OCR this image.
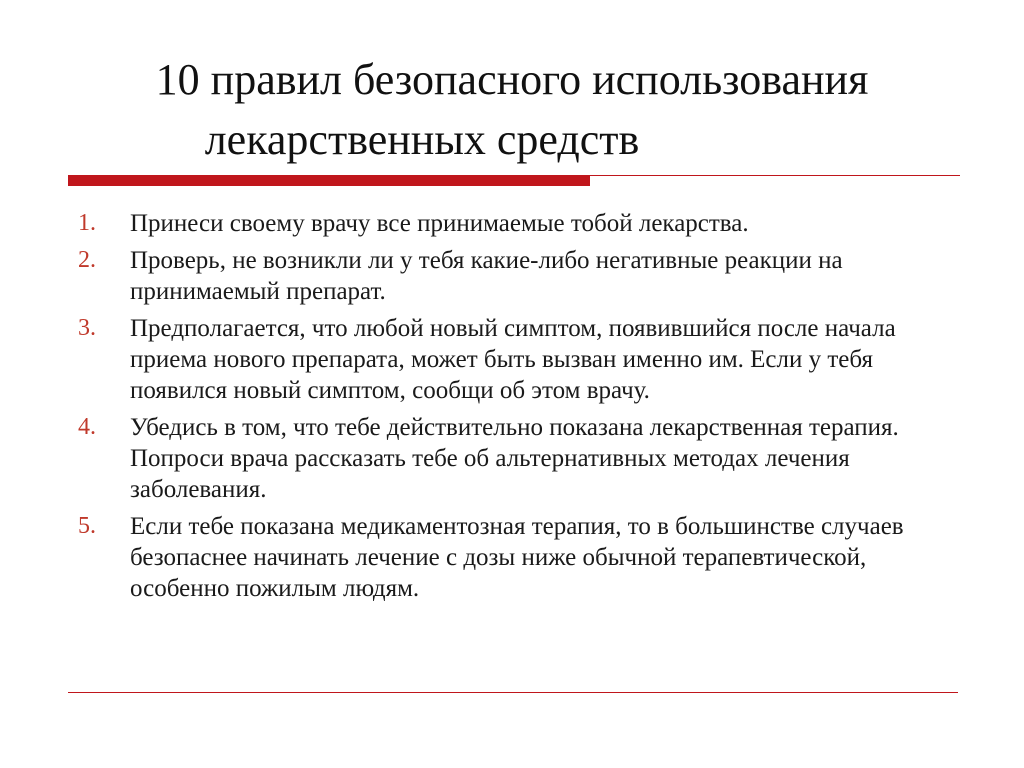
10 правил безопасного использования
лекарственных средств
1. Принеси своему врачу все принимаемые тобой лекарства.
2. Проверь, не возникли ли у тебя какие-либо негативные реакции на принимаемый препарат.
3. Предполагается, что любой новый симптом, появившийся после начала приема нового препарата, может быть вызван именно им. Если у тебя появился новый симптом, сообщи об этом врачу.
4. Убедись в том, что тебе действительно показана лекарственная терапия. Попроси врача рассказать тебе об альтернативных методах лечения заболевания.
5. Если тебе показана медикаментозная терапия, то в большинстве случаев безопаснее начинать лечение с дозы ниже обычной терапевтической, особенно пожилым людям.
